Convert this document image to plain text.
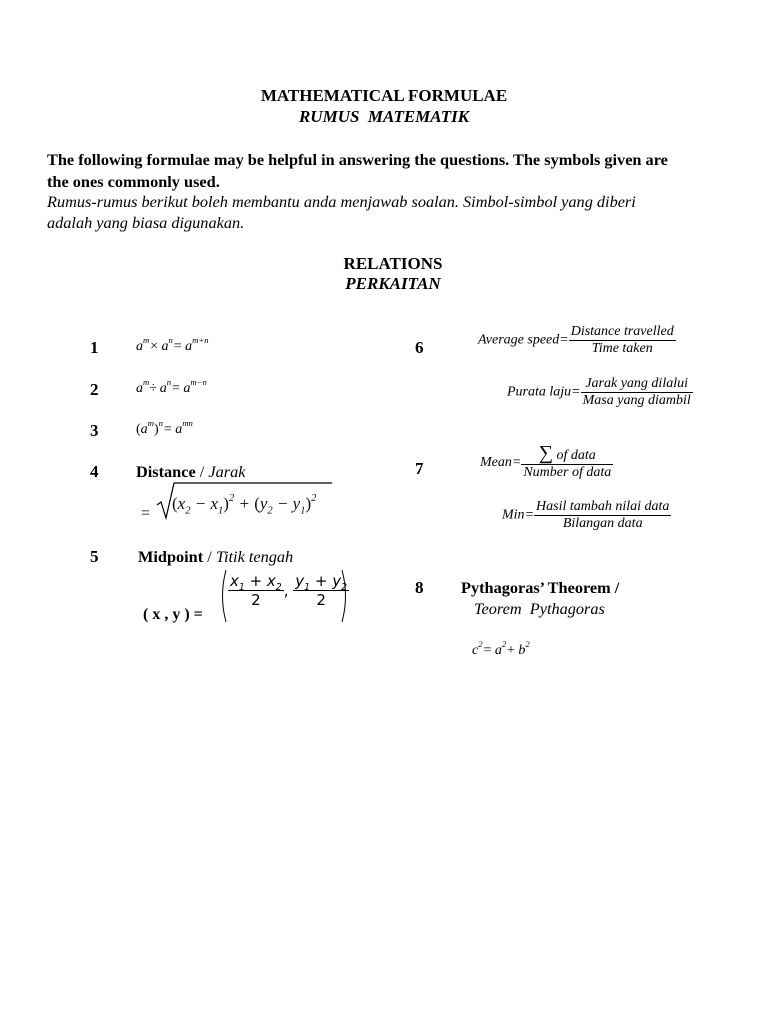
MATHEMATICAL FORMULAE
RUMUS  MATEMATIK
The following formulae may be helpful in answering the questions. The symbols given are
the ones commonly used.
Rumus-rumus berikut boleh membantu anda menjawab soalan. Simbol-simbol yang diberi
adalah yang biasa digunakan.
RELATIONS
PERKAITAN
1	$a^m\times a^n= a^{m+n}$
2	$a^m\div a^n= a^{m-n}$
3	$(a^m)^n= a^{mn}$
4 Distance / Jarak
=
$(x_2 - x_1)^2 + (y_2 - y_1)^2$
5 Midpoint / Titik tengah
( x , y ) =
$\frac{x_1 + x_2}{2}$ , $\frac{y_1 + y_2}{2}$
6	Average speed= $\frac{\text{Distance travelled}}{\text{Time taken}}$
Purata laju= $\frac{\text{Jarak yang dilalui}}{\text{Masa yang diambil}}$
7	Mean= $\frac{\text{∑ of data}}{\text{Number of data}}$
$Min= \frac{\text{Hasil tambah nilai data}}{\text{Bilangan data}}$
8 Pythagoras’ Theorem /
Teorem  Pythagoras
$c^2= a^2+ b^2$
